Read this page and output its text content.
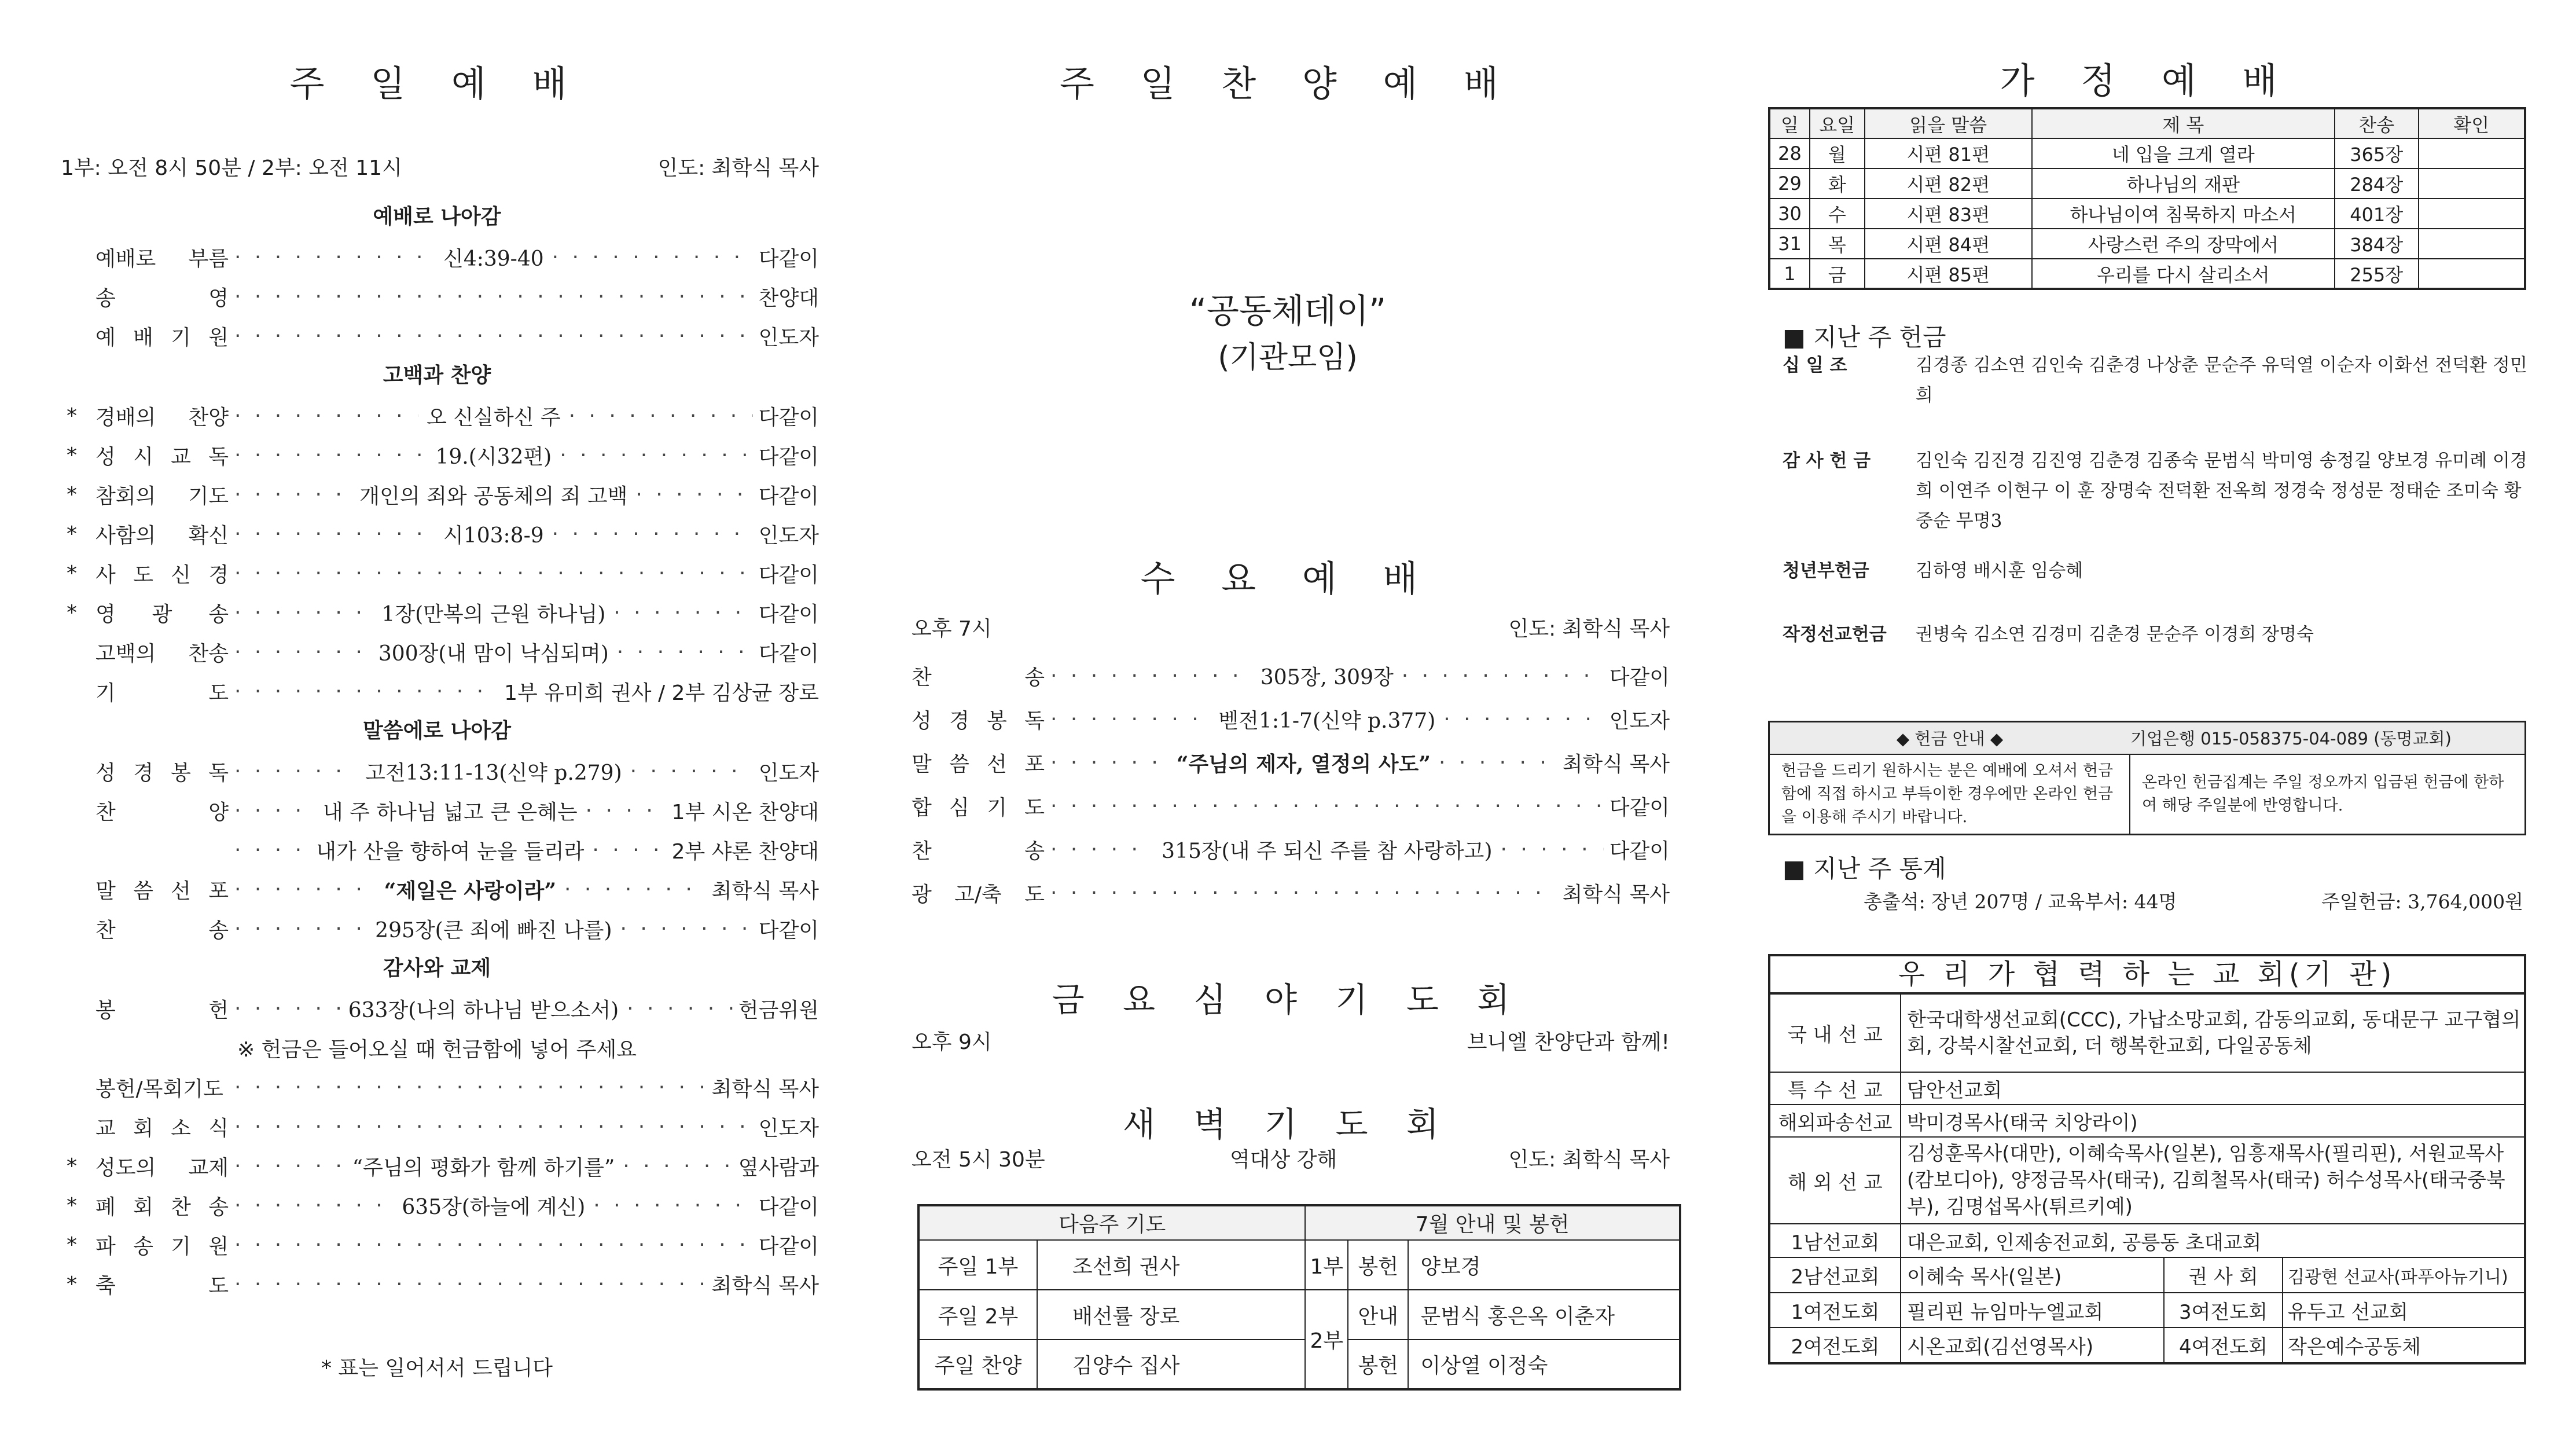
주 일 예 배
1부: 오전 8시 50분 / 2부: 오전 11시	인도: 최학식 목사
예배로 나아감
예배로 부름 · · ·	신4:39-40 · · ·	다같이
송 영 · · ·	찬양대
예 배 기 원 · · ·	인도자
고백과 찬양
* 경배의 찬양 · · ·	오 신실하신 주 · · ·	다같이
* 성 시 교 독 · · ·	19.(시32편) · · ·	다같이
* 참회의 기도 · · ·	개인의 죄와 공동체의 죄 고백 · · ·	다같이
* 사함의 확신 · · ·	시103:8-9 · · ·	인도자
* 사 도 신 경 · · ·	다같이
* 영 광 송 · · ·	1장(만복의 근원 하나님) · · ·	다같이
고백의 찬송 · · ·	300장(내 맘이 낙심되며) · · ·	다같이
기 도 · · ·	1부 유미희 권사 / 2부 김상균 장로
말씀에로 나아감
성 경 봉 독 · · ·	고전13:11-13(신약 p.279) · · ·	인도자
찬 양 · · ·	내 주 하나님 넓고 큰 은혜는 · · ·	1부 시온 찬양대
· · ·
내가 산을 향하여 눈을 들리라 · · ·	2부 샤론 찬양대
말 씀 선 포 · · ·	“제일은 사랑이라” · · ·	최학식 목사
찬 송 · · ·	295장(큰 죄에 빠진 나를) · · ·	다같이
감사와 교제
봉 헌 · · ·	633장(나의 하나님 받으소서) · · ·	헌금위원
※ 헌금은 들어오실 때 헌금함에 넣어 주세요
봉헌/목회기도 · · ·	최학식 목사
교 회 소 식 · · ·	인도자
* 성도의 교제 · · ·	“주님의 평화가 함께 하기를” · · ·	옆사람과
* 폐 회 찬 송 · · ·	635장(하늘에 계신) · · ·	다같이
* 파 송 기 원 · · ·	다같이
* 축 도 · · ·	최학식 목사
* 표는 일어서서 드립니다
주 일 찬 양 예 배
“공동체데이”
(기관모임)
수 요 예 배
오후 7시	인도: 최학식 목사
찬 송 · · ·	305장, 309장 · · ·	다같이
성 경 봉 독 · · ·	벧전1:1-7(신약 p.377) · · ·	인도자
말 씀 선 포 · · ·	“주님의 제자, 열정의 사도” · · ·	최학식 목사
합 심 기 도 · · ·	다같이
찬 송 · · ·	315장(내 주 되신 주를 참 사랑하고) · · ·	다같이
광 고/축 도 · · ·	최학식 목사
금 요 심 야 기 도 회
오후 9시	브니엘 찬양단과 함께!
새 벽 기 도 회
오전 5시 30분	역대상 강해	인도: 최학식 목사
다음주 기도		7월 안내 및 봉헌		
주일 1부	조선희 권사	1부	봉헌	양보경
주일 2부	배선률 장로	2부	안내	문범식 홍은옥 이춘자
주일 찬양	김양수 집사		봉헌	이상열 이정숙
가 정 예 배
일	요일	읽을 말씀	제 목	찬송	확인
28	월	시편 81편	네 입을 크게 열라	365장	
29	화	시편 82편	하나님의 재판	284장	
30	수	시편 83편	하나님이여 침묵하지 마소서	401장	
31	목	시편 84편	사랑스런 주의 장막에서	384장	
1	금	시편 85편	우리를 다시 살리소서	255장	
■ 지난 주 헌금
십 일 조	김경종 김소연 김인숙 김춘경 나상춘 문순주 유덕열 이순자 이화선 전덕환 정민희
감 사 헌 금	김인숙 김진경 김진영 김춘경 김종숙 문범식 박미영 송정길 양보경 유미례 이경희 이연주 이현구 이 훈 장명숙 전덕환 전옥희 정경숙 정성문 정태순 조미숙 황중순 무명3
청년부헌금	김하영 배시훈 임승혜
작정선교헌금	권병숙 김소연 김경미 김춘경 문순주 이경희 장명숙
◆ 헌금 안내 ◆	기업은행 015-058375-04-089 (동명교회)
헌금을 드리기 원하시는 분은 예배에 오셔서 헌금함에 직접 하시고 부득이한 경우에만 온라인 헌금을 이용해 주시기 바랍니다.	온라인 헌금집계는 주일 정오까지 입금된 헌금에 한하여 해당 주일분에 반영합니다.
■ 지난 주 통계
총출석: 장년 207명 / 교육부서: 44명	주일헌금: 3,764,000원
우 리 가 협 력 하 는 교 회(기 관)
국 내 선 교	한국대학생선교회(CCC), 가납소망교회, 감동의교회, 동대문구 교구협의회, 강북시찰선교회, 더 행복한교회, 다일공동체
특 수 선 교	담안선교회
해외파송선교	박미경목사(태국 치앙라이)
해 외 선 교	김성훈목사(대만), 이혜숙목사(일본), 임흥재목사(필리핀), 서원교목사(캄보디아), 양정금목사(태국), 김희철목사(태국) 허수성목사(태국중북부), 김명섭목사(튀르키예)
1남선교회	대은교회, 인제송전교회, 공릉동 초대교회
2남선교회	이혜숙 목사(일본)	권 사 회	김광현 선교사(파푸아뉴기니)
1여전도회	필리핀 뉴임마누엘교회	3여전도회	유두고 선교회
2여전도회	시온교회(김선영목사)	4여전도회	작은예수공동체
